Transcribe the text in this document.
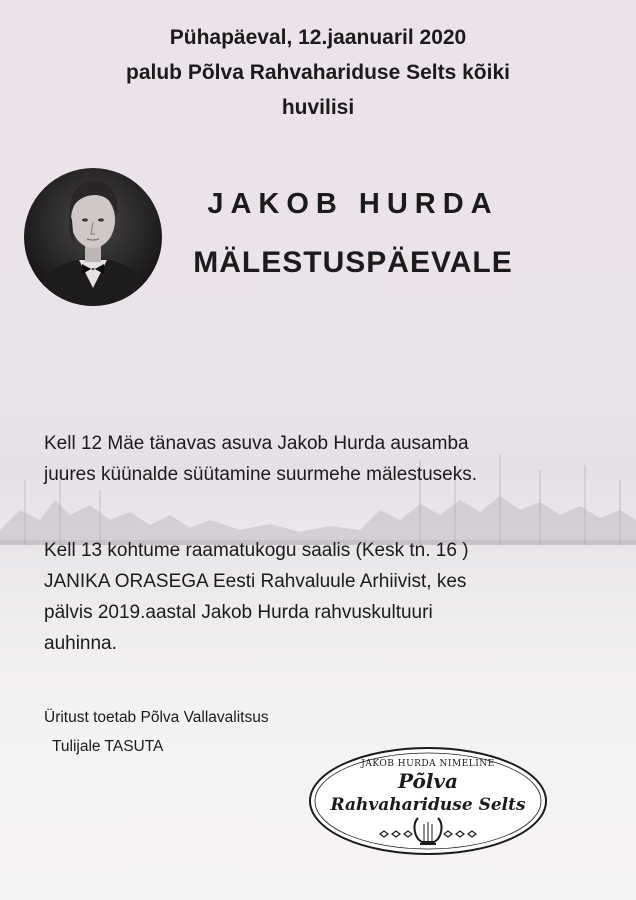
Pühapäeval, 12.jaanuaril 2020
palub Põlva Rahvahariduse Selts kõiki
huvilisi
JAKOB HURDA
MÄLESTUSPÄEVALE
Kell 12 Mäe tänavas asuva Jakob Hurda ausamba
juures küünalde süütamine suurmehe mälestuseks.
Kell 13 kohtume raamatukogu saalis (Kesk tn. 16 )
JANIKA ORASEGA Eesti Rahvaluule Arhiivist, kes
pälvis 2019.aastal Jakob Hurda rahvuskultuuri
auhinna.
Üritust toetab Põlva Vallavalitsus
Tulijale TASUTA
JAKOB HURDA NIMELINE
Põlva
Rahvahariduse Selts
